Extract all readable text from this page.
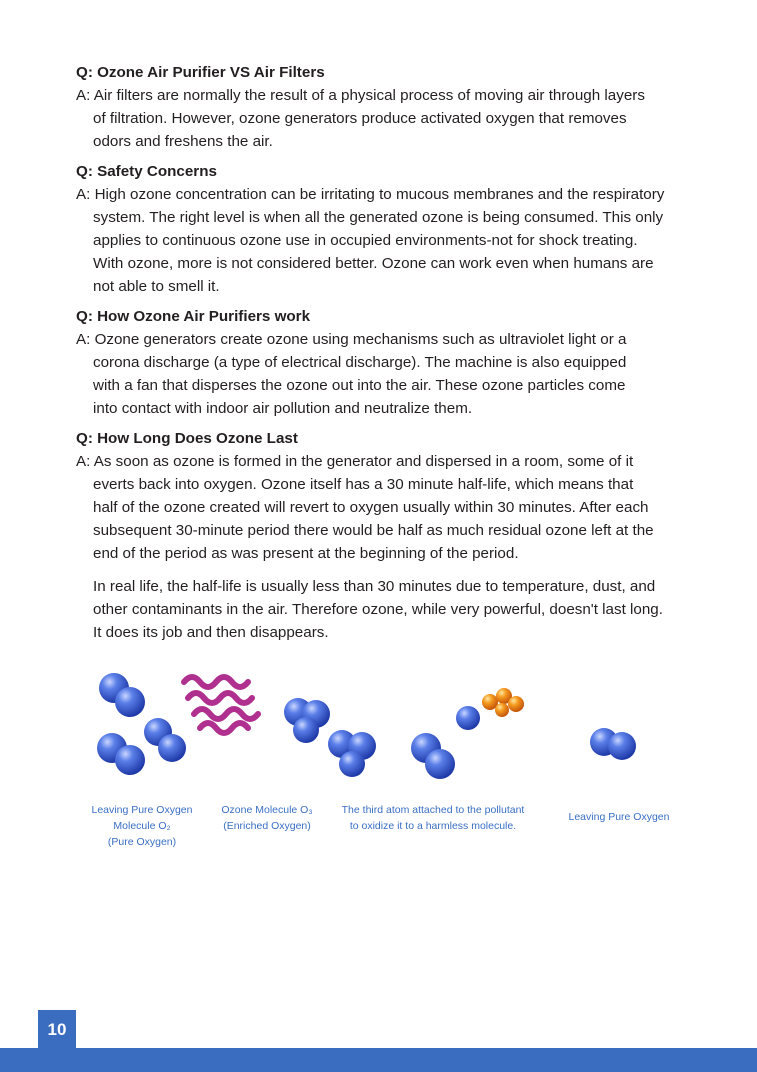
Q: Ozone Air Purifier VS Air Filters

A: Air filters are normally the result of a physical process of moving air through layers
of filtration. However, ozone generators produce activated oxygen that removes
odors and freshens the air.

Q: Safety Concerns

A: High ozone concentration can be irritating to mucous membranes and the respiratory
system. The right level is when all the generated ozone is being consumed. This only
applies to continuous ozone use in occupied environments-not for shock treating.
With ozone, more is not considered better. Ozone can work even when humans are
not able to smell it.

Q: How Ozone Air Purifiers work

A: Ozone generators create ozone using mechanisms such as ultraviolet light or a
corona discharge (a type of electrical discharge). The machine is also equipped
with a fan that disperses the ozone out into the air. These ozone particles come
into contact with indoor air pollution and neutralize them.

Q: How Long Does Ozone Last

A: As soon as ozone is formed in the generator and dispersed in a room, some of it
everts back into oxygen. Ozone itself has a 30 minute half-life, which means that
half of the ozone created will revert to oxygen usually within 30 minutes. After each
subsequent 30-minute period there would be half as much residual ozone left at the
end of the period as was present at the beginning of the period.

In real life, the half-life is usually less than 30 minutes due to temperature, dust, and
other contaminants in the air. Therefore ozone, while very powerful, doesn't last long.
It does its job and then disappears.

Leaving Pure Oxygen
Molecule O₂
(Pure Oxygen)
Ozone Molecule O₃
(Enriched Oxygen)
The third atom attached to the pollutant
to oxidize it to a harmless molecule.
Leaving Pure Oxygen
10
